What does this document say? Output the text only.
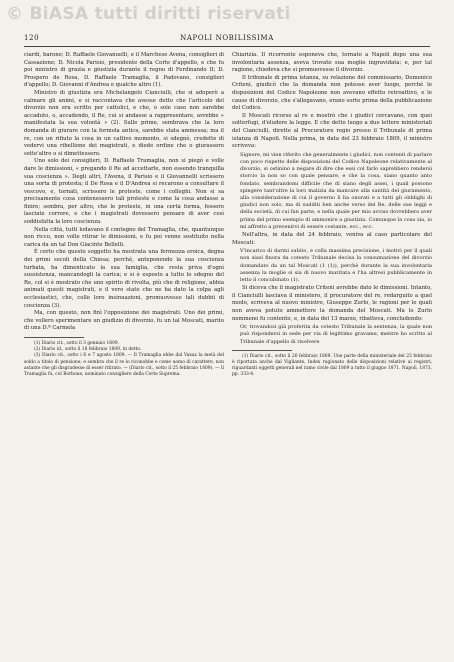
© BiASA tutti diritti riservati
120	NAPOLI NOBILISSIMA

ciardi, barone; D. Raffaele Giovanuelli, e il Marchese Avena, consiglieri di Cassazione; D. Nicola Parisio, presidente della Corte d'appello, e che fu poi ministro di grazia e giustizia durante il regno di Ferdinando II; D. Prospero de Rosa, D. Raffaele Tramaglia, il Padovano, consiglieri d'appello; D. Giovanni d'Andrea e qualche altro (1).

Ministro di giustizia era Michelangelo Cianciulli, che si adoperò a calmare gli animi, e si raccontava che avesse detto che l'articolo del divorzio non era scritto per cattolici, e che, o sole caso non sarebbe accaduto, o, accadendo, il Re, cui si andasse a rappresentare, avrebbe « manifestata la sua volontà » (2). Sulle prime, sembrava che la loro domanda di giurare con la formola antica, sarebbe stata ammessa; ma il re, con un rifiuto la cosa in un cattivo momento, si sdegnò, credette di vedervi una ribellione dei magistrati, e diede ordine che o giurassero sette'altro o si dimettessero.

Uno solo dei consiglieri, D. Raffaele Tramaglia, non si piegò e volle dare le dimissioni, « pregando il Re ad accettarle, non essendo tranquilla sua coscienza ». Degli altri, l'Avena, il Parisio e il Giovannelli scrissero una sorta di protesta; il De Rosa e il D'Andrea si recarono a consultare il vescovo, e, tornati, scrissero le proteste, come i colleghi. Non si sa precisamente cosa contenessero tali proteste e come la cosa andasse a finire; sembra, per altro, che le proteste, in una certa forma, fossero lasciate correre, e che i magistrati dovessero pensare di aver così soddisfatta la loro coscienza.

Nella città, tutti lodavano il contegno del Tramaglia, che, quantunque non ricco, non volle ritirar le dimissioni, e fu poi venne sostituito nella carica da un tal Don Giacinto Bellelli.

È certo che questo soggetto ha mostrata una fermezza eroica, degna dei primi secoli della Chiesa; perchè, anteponendo la sua coscienza turbata, ha dimenticato la sua famiglia, che resta priva d'ogni sussistenza, mancandogli la carica; e si è esposto a tutto lo sdegno del Re, col si è mostrato che uno spirito di rivolta, più che di religione, abbia animati questi magistrati, e il vero stato che ne ha dato la colpa agli ecclesiastici, che, colle loro insinuazioni, promuovesso tali dubbii di coscienza (3).

Ma, con questo, non finì l'opposizione dei magistrati. Uno dei primi, che vollero sperimentare un giudizio di divorzio, fu un tal Moscati, marito di una D.ª Carmela

(1) Diario cit., sotto il 3 gennaio 1809.

(2) Diario id., sotto il 16 febbraio 1809, in detto.

(3) Diario cit., sotto i 6 e 7 agosto 1809. — Il Tramaglia ebbe dal Vaxaz la metà del soldo a titolo di pensione; e sembra che il re lo riconobbe e come uomo di carattere, non astante che gli disgradesse di esser ritirato. — (Diario cit., sotto il 25 febbraio 1809). — Il Tramaglia fu, col Borbone, nominato consigliere della Corte Suprema.

Chiarizia. Il ricorrente esponeva che, tornato a Napoli dopo una sua involontaria assenza, aveva trovato sua moglie ingravidata; e, per tal ragione, chiedeva che si promuovesse il divorzio.

Il tribunale di prima istanza, su relazione del commissario, Domenico Criteni, giudicò che la domanda non potesse aver luogo, perchè le disposizioni del Codice Napoleone non avevano effetto retroattivo, e le cause di divorzio, che s'allegavano, erano sorte prima della pubblicazione del Codice.

Il Moscati ricorse al re e mostrò che i giudici cercavano, con quei sotterfugi, d'eludere la legge. E che detto luogo a due lettere ministeriali del Cianciulli, dirette al Procuratore regio presso il Tribunale di prima istanza di Napoli. Nella prima, in data del 23 febbraio 1809, il ministro scriveva:

Signore, mi vien riferito che generalmente i giudici, non contenti di parlare con poco rispetto delle disposizioni del Codice Napoleone relativamente al divorzio, si ostinino a negare di dire che essi col farlo saprebbero rendersi storcio la non so con quale pensare, e che la cosa, siano quanto anto fondato, sembrandomi difficile che di siano degli assei, i quali possono spingere tant'oltre la loro malizia da mancare alla santità del giuramento, alla considerazione di cui il governo li ha onorati e a tutti gli obblighi di giudici non solo, ma di sudditi ben anche verso del Re, delle sue leggi e della società, di cui fan parte, e nella quale per mio avviso dovrebbero aver prima del primo esempio di ammonire a giustizia. Comunque la cosa sia, io mi affretto a prevenirvi di essere costante, ecc., ecc.

Nell'altra, in data del 24 febbraio, veniva al caso particolare del Moscati:

V'incarico di darmi subito, e colla massima precisione, i motivi per il quali non siasi finora da cotesto Tribunale decisa la consumazione del divorzio domandato da un tal Moscati (1 (1)), perchè durante la sua involontaria assenza la moglie si sia di nuovo maritata e l'ha altresì pubblicamente in letto il concubinato (1).

Si diceva che il magistrato Criteni avrebbe dato le dimissioni. Intanto, il Cianciulli lasciava il ministero, il procuratore del re, redarguito a quel modo, scriveva al nuovo ministro, Giuseppe Zurlo, le ragioni per le quali non aveva potuto ammettere la domanda del Moscati. Ma lo Zurlo nemmeno fu contento, e, in data del 13 marzo, ribatteva, concludendo:

Or, trovandosi già proferita da cotesto Tribunale la sentenza, la quale non può rispondersi in sede per via di legittimo gravame, mentre ho scritto al Tribunale d'appello di risolvere

(1) Diario cit., sotto il 26 febbraio 1809. Une parte della ministeriale del 23 febbraio è riportata anche dal Vigliante, Index ragionato delle disposizioni relative ai registri, riguardanti oggetti generali nel ramo civile dal 1809 a tutto il giugno 1871. Napoli, 1873, pp. 333-4.
